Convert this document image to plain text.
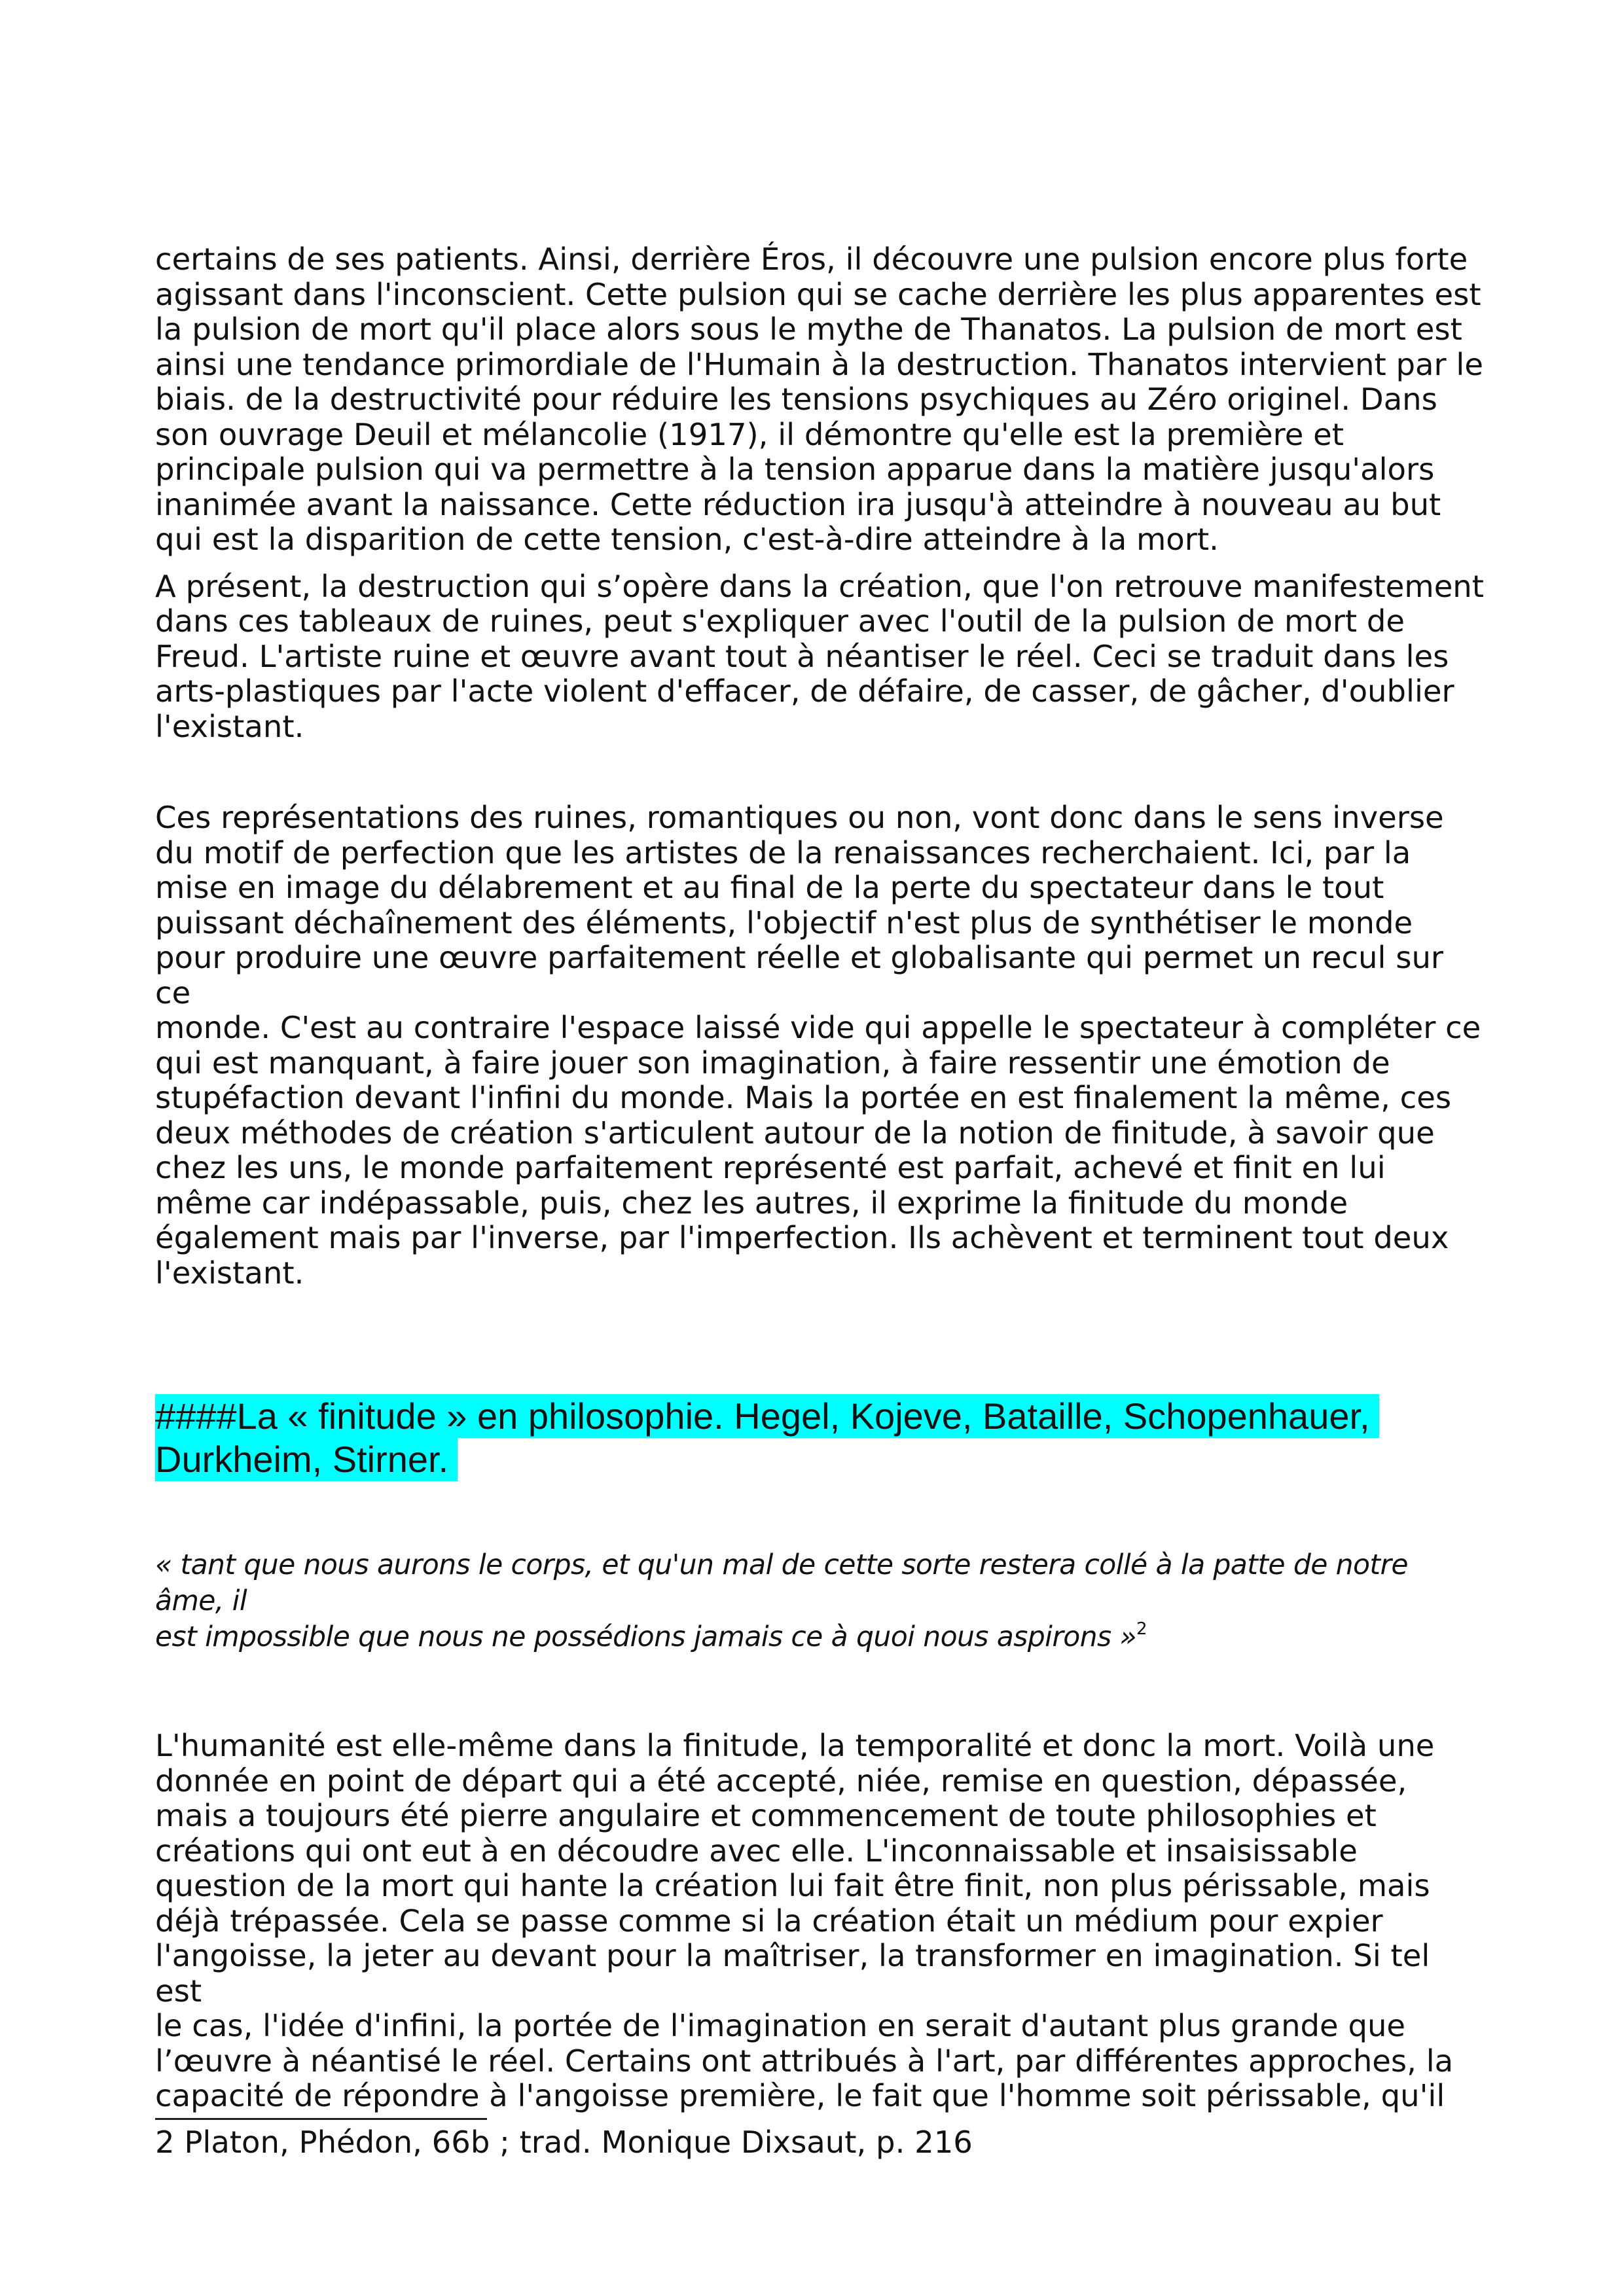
certains de ses patients. Ainsi, derrière Éros, il découvre une pulsion encore plus forte
agissant dans l'inconscient. Cette pulsion qui se cache derrière les plus apparentes est
la pulsion de mort qu'il place alors sous le mythe de Thanatos. La pulsion de mort est
ainsi une tendance primordiale de l'Humain à la destruction. Thanatos intervient par le
biais. de la destructivité pour réduire les tensions psychiques au Zéro originel. Dans
son ouvrage Deuil et mélancolie (1917), il démontre qu'elle est la première et
principale pulsion qui va permettre à la tension apparue dans la matière jusqu'alors
inanimée avant la naissance. Cette réduction ira jusqu'à atteindre à nouveau au but
qui est la disparition de cette tension, c'est-à-dire atteindre à la mort.

A présent, la destruction qui s’opère dans la création, que l'on retrouve manifestement
dans ces tableaux de ruines, peut s'expliquer avec l'outil de la pulsion de mort de
Freud. L'artiste ruine et œuvre avant tout à néantiser le réel. Ceci se traduit dans les
arts-plastiques par l'acte violent d'effacer, de défaire, de casser, de gâcher, d'oublier
l'existant.

Ces représentations des ruines, romantiques ou non, vont donc dans le sens inverse
du motif de perfection que les artistes de la renaissances recherchaient. Ici, par la
mise en image du délabrement et au final de la perte du spectateur dans le tout
puissant déchaînement des éléments, l'objectif n'est plus de synthétiser le monde
pour produire une œuvre parfaitement réelle et globalisante qui permet un recul sur ce
monde. C'est au contraire l'espace laissé vide qui appelle le spectateur à compléter ce
qui est manquant, à faire jouer son imagination, à faire ressentir une émotion de
stupéfaction devant l'infini du monde. Mais la portée en est finalement la même, ces
deux méthodes de création s'articulent autour de la notion de finitude, à savoir que
chez les uns, le monde parfaitement représenté est parfait, achevé et finit en lui
même car indépassable, puis, chez les autres, il exprime la finitude du monde
également mais par l'inverse, par l'imperfection. Ils achèvent et terminent tout deux
l'existant.

####La « finitude » en philosophie. Hegel, Kojeve, Bataille, Schopenhauer, Durkheim, Stirner.
« tant que nous aurons le corps, et qu'un mal de cette sorte restera collé à la patte de notre âme, il
est impossible que nous ne possédions jamais ce à quoi nous aspirons »$^2$

L'humanité est elle-même dans la finitude, la temporalité et donc la mort. Voilà une
donnée en point de départ qui a été accepté, niée, remise en question, dépassée,
mais a toujours été pierre angulaire et commencement de toute philosophies et
créations qui ont eut à en découdre avec elle. L'inconnaissable et insaisissable
question de la mort qui hante la création lui fait être finit, non plus périssable, mais
déjà trépassée. Cela se passe comme si la création était un médium pour expier
l'angoisse, la jeter au devant pour la maîtriser, la transformer en imagination. Si tel est
le cas, l'idée d'infini, la portée de l'imagination en serait d'autant plus grande que
l’œuvre à néantisé le réel. Certains ont attribués à l'art, par différentes approches, la
capacité de répondre à l'angoisse première, le fait que l'homme soit périssable, qu'il

2 Platon, Phédon, 66b ; trad. Monique Dixsaut, p. 216
